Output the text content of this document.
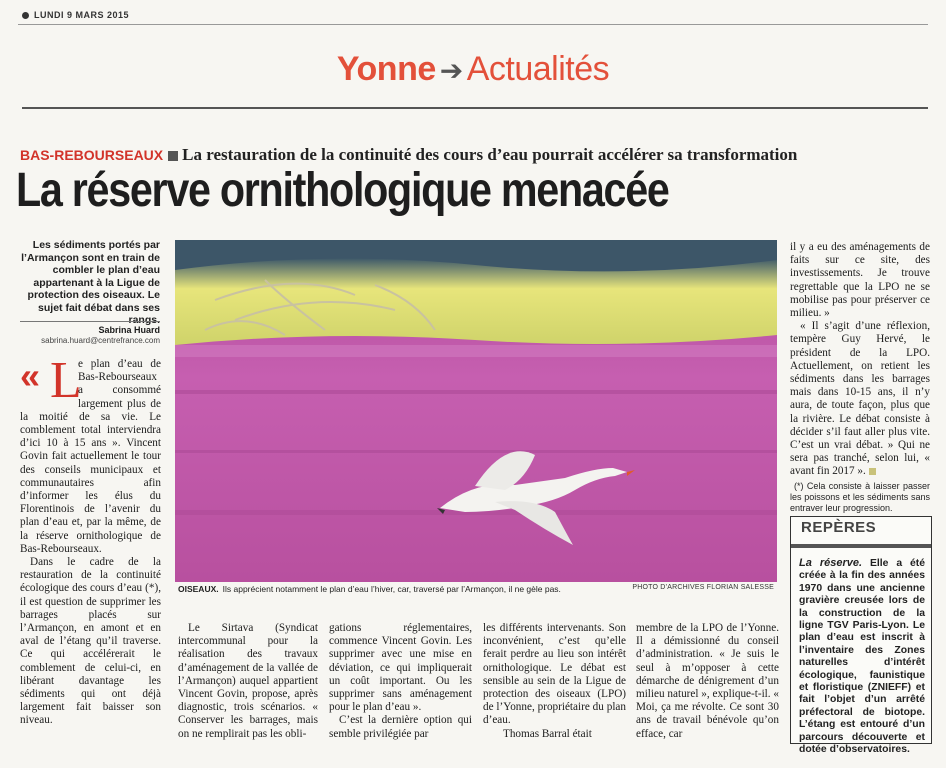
LUNDI 9 MARS 2015
Yonne ➔ Actualités
BAS-REBOURSEAUX La restauration de la continuité des cours d’eau pourrait accélérer sa transformation
La réserve ornithologique menacée
Les sédiments portés par l’Armançon sont en train de combler le plan d’eau appartenant à la Ligue de protection des oiseaux. Le sujet fait débat dans ses rangs.
Sabrina Huard
sabrina.huard@centrefrance.com

« L
e plan d’eau de Bas-Rebourseaux a consommé largement plus de la moitié de sa vie. Le comblement total interviendra d’ici 10 à 15 ans ». Vincent Govin fait actuellement le tour des conseils municipaux et communautaires afin d’informer les élus du Florentinois de l’avenir du plan d’eau et, par la même, de la réserve ornithologique de Bas-Rebourseaux.

Dans le cadre de la restauration de la continuité écologique des cours d’eau (*), il est question de supprimer les barrages placés sur l’Armançon, en amont et en aval de l’étang qu’il traverse. Ce qui accélérerait le comblement de celui-ci, en libérant davantage les sédiments qui ont déjà largement fait baisser son niveau.

OISEAUX. Ils apprécient notamment le plan d’eau l’hiver, car, traversé par l’Armançon, il ne gèle pas.	PHOTO D’ARCHIVES FLORIAN SALESSE

Le Sirtava (Syndicat intercommunal pour la réalisation des travaux d’aménagement de la vallée de l’Armançon) auquel appartient Vincent Govin, propose, après diagnostic, trois scénarios. « Conserver les barrages, mais on ne remplirait pas les obli-

gations réglementaires, commence Vincent Govin. Les supprimer avec une mise en déviation, ce qui impliquerait un coût important. Ou les supprimer sans aménagement pour le plan d’eau ».

C’est la dernière option qui semble privilégiée par

les différents intervenants. Son inconvénient, c’est qu’elle ferait perdre au lieu son intérêt ornithologique. Le débat est sensible au sein de la Ligue de protection des oiseaux (LPO) de l’Yonne, propriétaire du plan d’eau.

Thomas Barral était

membre de la LPO de l’Yonne. Il a démissionné du conseil d’administration. « Je suis le seul à m’opposer à cette démarche de dénigrement d’un milieu naturel », explique-t-il. « Moi, ça me révolte. Ce sont 30 ans de travail bénévole qu’on efface, car

il y a eu des aménagements de faits sur ce site, des investissements. Je trouve regrettable que la LPO ne se mobilise pas pour préserver ce milieu. »

« Il s’agit d’une réflexion, tempère Guy Hervé, le président de la LPO. Actuellement, on retient les sédiments dans les barrages mais dans 10-15 ans, il n’y aura, de toute façon, plus que la rivière. Le débat consiste à décider s’il faut aller plus vite. C’est un vrai débat. » Qui ne sera pas tranché, selon lui, « avant fin 2017 ».

(*) Cela consiste à laisser passer les poissons et les sédiments sans entraver leur progression.
REPÈRES
La réserve. Elle a été créée à la fin des années 1970 dans une ancienne gravière creusée lors de la construction de la ligne TGV Paris-Lyon. Le plan d’eau est inscrit à l’inventaire des Zones naturelles d’intérêt écologique, faunistique et floristique (ZNIEFF) et fait l’objet d’un arrêté préfectoral de biotope. L’étang est entouré d’un parcours découverte et dotée d’observatoires.
